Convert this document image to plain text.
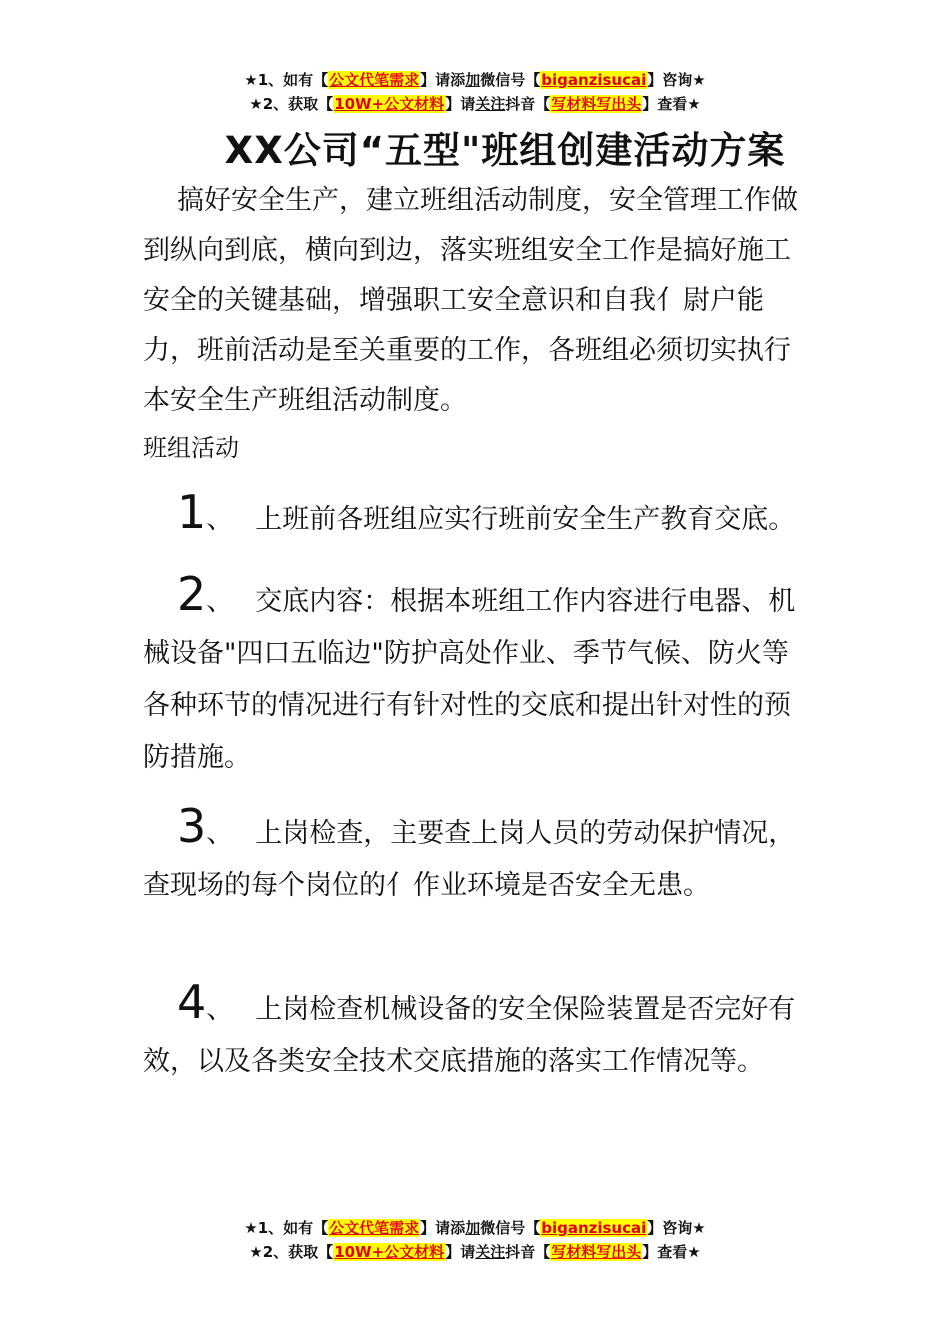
★1、如有【公文代笔需求】请添加微信号【biganzisucai】咨询★
★2、获取【10W+公文材料】请关注抖音【写材料写出头】查看★
XX公司“五型"班组创建活动方案
搞好安全生产，建立班组活动制度，安全管理工作做到纵向到底，横向到边，落实班组安全工作是搞好施工安全的关键基础，增强职工安全意识和自我亻尉户能力，班前活动是至关重要的工作，各班组必须切实执行本安全生产班组活动制度。
班组活动
1、 上班前各班组应实行班前安全生产教育交底。
2、 交底内容：根据本班组工作内容进行电器、机械设备"四口五临边"防护高处作业、季节气候、防火等各种环节的情况进行有针对性的交底和提出针对性的预防措施。
3、 上岗检查，主要查上岗人员的劳动保护情况，查现场的每个岗位的亻作业环境是否安全无患。
4、 上岗检查机械设备的安全保险装置是否完好有效，以及各类安全技术交底措施的落实工作情况等。
★1、如有【公文代笔需求】请添加微信号【biganzisucai】咨询★
★2、获取【10W+公文材料】请关注抖音【写材料写出头】查看★
